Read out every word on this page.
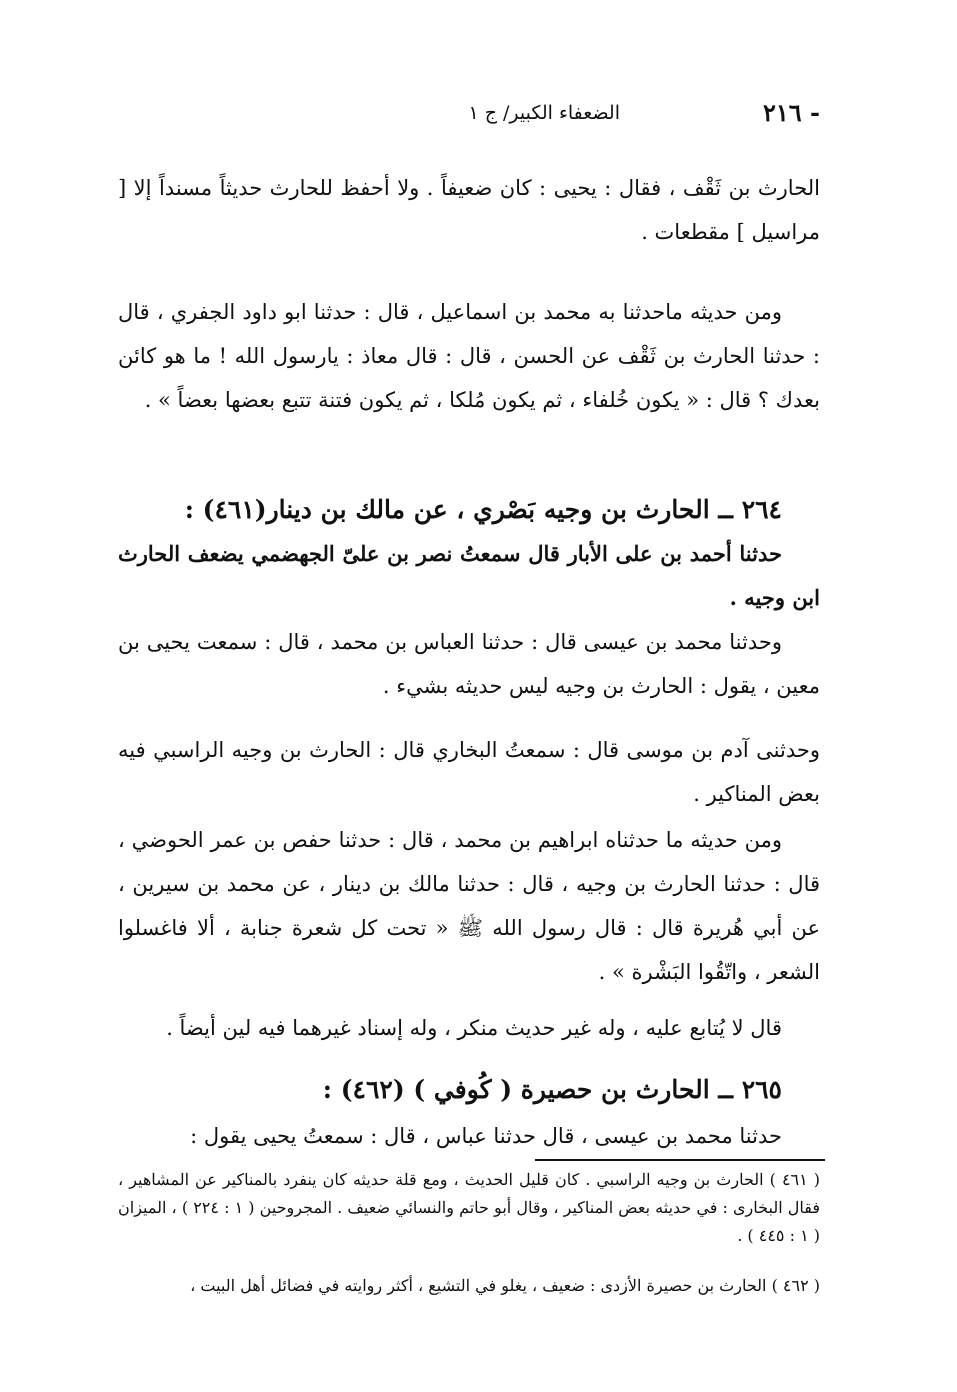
- ٢١٦
الضعفاء الكبير/ ج ١
الحارث بن ثَقْف ، فقال : يحيى : كان ضعيفاً . ولا أحفظ للحارث حديثاً مسنداً إلا [ مراسيل ] مقطعات .
ومن حديثه ماحدثنا به محمد بن اسماعيل ، قال : حدثنا ابو داود الجفري ، قال : حدثنا الحارث بن ثَقْف عن الحسن ، قال : قال معاذ : يارسول الله ! ما هو كائن بعدك ؟ قال : « يكون خُلفاء ، ثم يكون مُلكا ، ثم يكون فتنة تتبع بعضها بعضاً » .
٢٦٤ ــ الحارث بن وجيه بَصْري ، عن مالك بن دينار(٤٦١) :
حدثنا أحمد بن على الأبار قال سمعتُ نصر بن علىّ الجهضمي يضعف الحارث ابن وجيه .
وحدثنا محمد بن عيسى قال : حدثنا العباس بن محمد ، قال : سمعت يحيى بن معين ، يقول : الحارث بن وجيه ليس حديثه بشيء .
وحدثنى آدم بن موسى قال : سمعتُ البخاري قال : الحارث بن وجيه الراسبي فيه بعض المناكير .
ومن حديثه ما حدثناه ابراهيم بن محمد ، قال : حدثنا حفص بن عمر الحوضي ، قال : حدثنا الحارث بن وجيه ، قال : حدثنا مالك بن دينار ، عن محمد بن سيرين ، عن أبي هُريرة قال : قال رسول الله ﷺ « تحت كل شعرة جنابة ، ألا فاغسلوا الشعر ، واتّقُوا البَشْرة » .
قال لا يُتابع عليه ، وله غير حديث منكر ، وله إسناد غيرهما فيه لين أيضاً .
٢٦٥ ــ الحارث بن حصيرة ( كُوفي ) (٤٦٢) :
حدثنا محمد بن عيسى ، قال حدثنا عباس ، قال : سمعتُ يحيى يقول :
( ٤٦١ ) الحارث بن وجيه الراسبي . كان قليل الحديث ، ومع قلة حديثه كان ينفرد بالمناكير عن المشاهير ، فقال البخارى : في حديثه بعض المناكير ، وقال أبو حاتم والنسائي ضعيف . المجروحين ( ١ : ٢٢٤ ) ، الميزان ( ١ : ٤٤٥ ) .
( ٤٦٢ ) الحارث بن حصيرة الأزدى : ضعيف ، يغلو في التشيع ، أكثر روايته في فضائل أهل البيت ،
